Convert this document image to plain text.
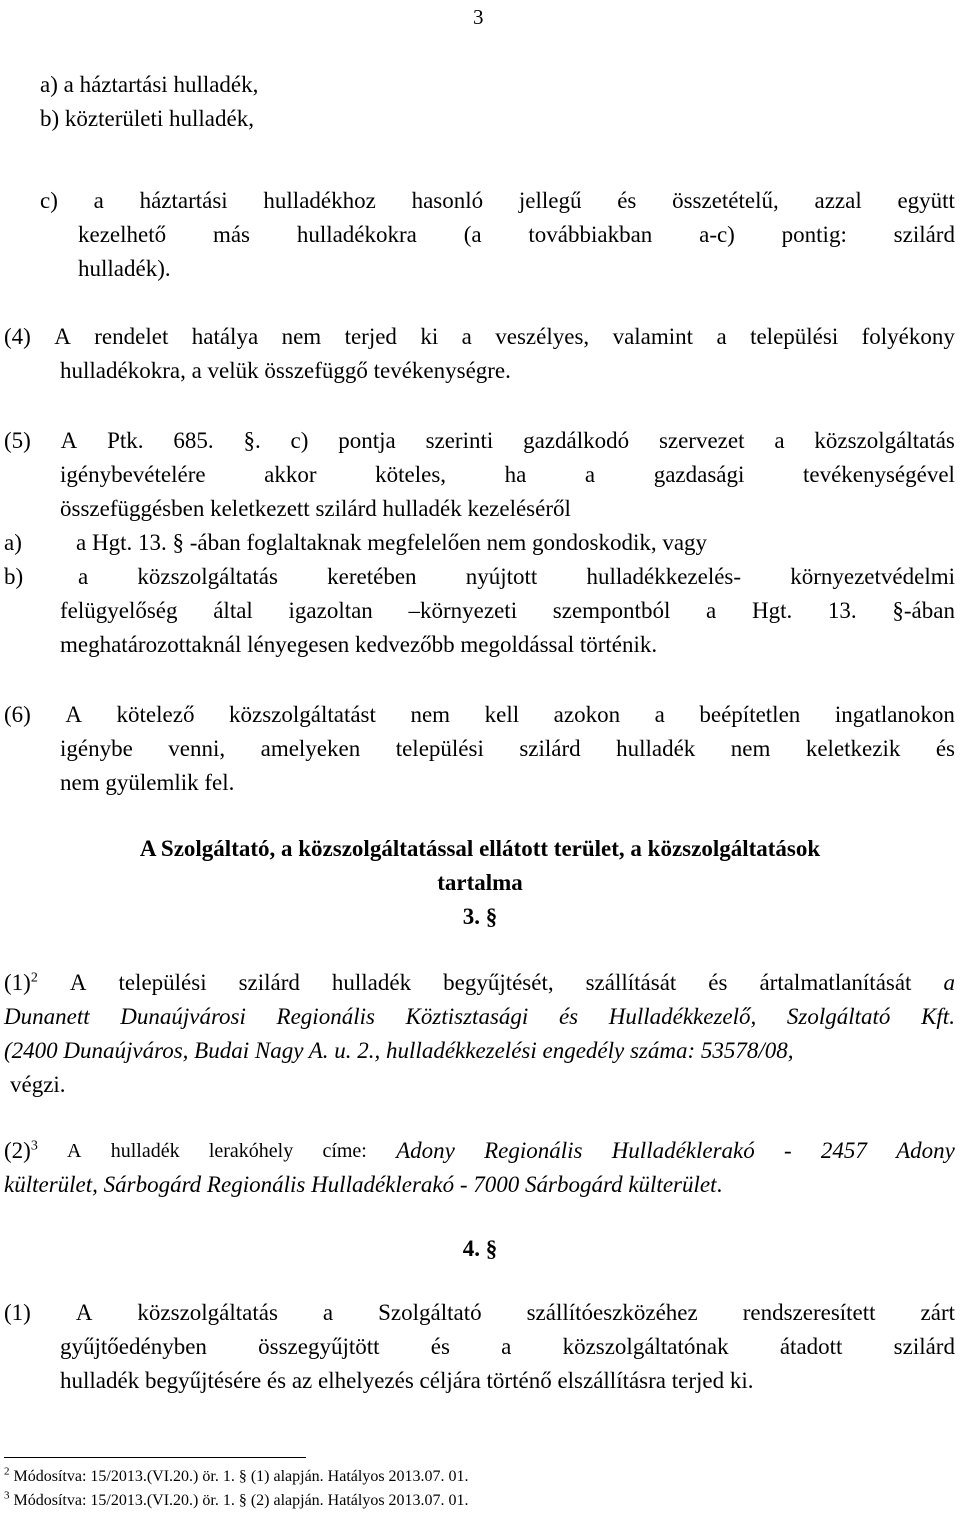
3
a) a háztartási hulladék,
b) közterületi hulladék,
c) a háztartási hulladékhoz hasonló jellegű és összetételű, azzal együtt
kezelhető más hulladékokra (a továbbiakban a-c) pontig: szilárd
hulladék).
(4) A rendelet hatálya nem terjed ki a veszélyes, valamint a települési folyékony
hulladékokra, a velük összefüggő tevékenységre.
(5) A Ptk. 685. §. c) pontja szerinti gazdálkodó szervezet a közszolgáltatás
igénybevételére	akkor	köteles,	ha	a	gazdasági	tevékenységével
összefüggésben keletkezett szilárd hulladék kezeléséről
a) a Hgt. 13. § -ában foglaltaknak megfelelően nem gondoskodik, vagy
b) a közszolgáltatás keretében nyújtott hulladékkezelés- környezetvédelmi
felügyelőség által igazoltan –környezeti szempontból a Hgt. 13. §-ában
meghatározottaknál lényegesen kedvezőbb megoldással történik.
(6) A kötelező közszolgáltatást nem kell azokon a beépítetlen ingatlanokon
igénybe venni, amelyeken települési szilárd hulladék nem keletkezik és
nem gyülemlik fel.
A Szolgáltató, a közszolgáltatással ellátott terület, a közszolgáltatások
tartalma
3. §
$(1)^2$ A települési szilárd hulladék begyűjtését, szállítását és ártalmatlanítását a
Dunanett Dunaújvárosi Regionális Köztisztasági és Hulladékkezelő, Szolgáltató Kft.
(2400 Dunaújváros, Budai Nagy A. u. 2., hulladékkezelési engedély száma: 53578/08,
végzi.
$(2)^3$ A hulladék lerakóhely címe: Adony Regionális Hulladéklerakó - 2457 Adony
külterület, Sárbogárd Regionális Hulladéklerakó - 7000 Sárbogárd külterület.
4. §
(1) A közszolgáltatás a Szolgáltató szállítóeszközéhez rendszeresített zárt
gyűjtőedényben összegyűjtött és a közszolgáltatónak átadott szilárd
hulladék begyűjtésére és az elhelyezés céljára történő elszállításra terjed ki.
$^2$ Módosítva: 15/2013.(VI.20.) ör. 1. § (1) alapján. Hatályos 2013.07. 01.
$^3$ Módosítva: 15/2013.(VI.20.) ör. 1. § (2) alapján. Hatályos 2013.07. 01.
